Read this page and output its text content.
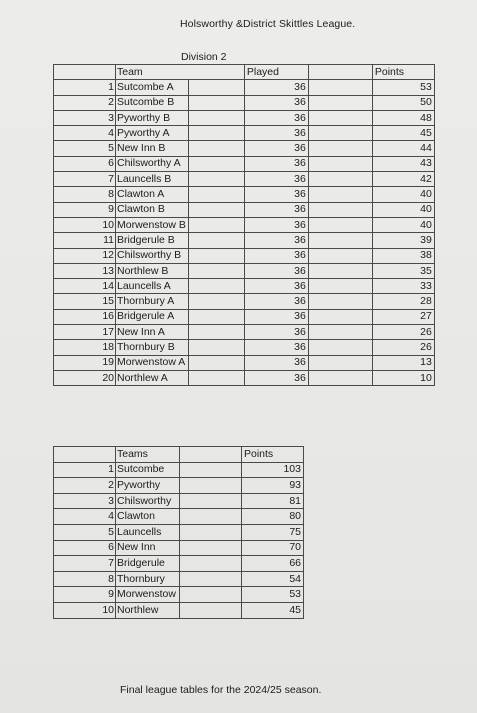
Holsworthy &District Skittles League.
Division 2
	Team		Played		Points
1	Sutcombe A		36		53
2	Sutcombe B		36		50
3	Pyworthy B		36		48
4	Pyworthy A		36		45
5	New Inn B		36		44
6	Chilsworthy A		36		43
7	Launcells B		36		42
8	Clawton A		36		40
9	Clawton B		36		40
10	Morwenstow B		36		40
11	Bridgerule B		36		39
12	Chilsworthy B		36		38
13	Northlew B		36		35
14	Launcells A		36		33
15	Thornbury A		36		28
16	Bridgerule A		36		27
17	New Inn A		36		26
18	Thornbury B		36		26
19	Morwenstow A		36		13
20	Northlew A		36		10
	Teams		Points
1	Sutcombe		103
2	Pyworthy		93
3	Chilsworthy		81
4	Clawton		80
5	Launcells		75
6	New Inn		70
7	Bridgerule		66
8	Thornbury		54
9	Morwenstow		53
10	Northlew		45
Final league tables for the 2024/25 season.
